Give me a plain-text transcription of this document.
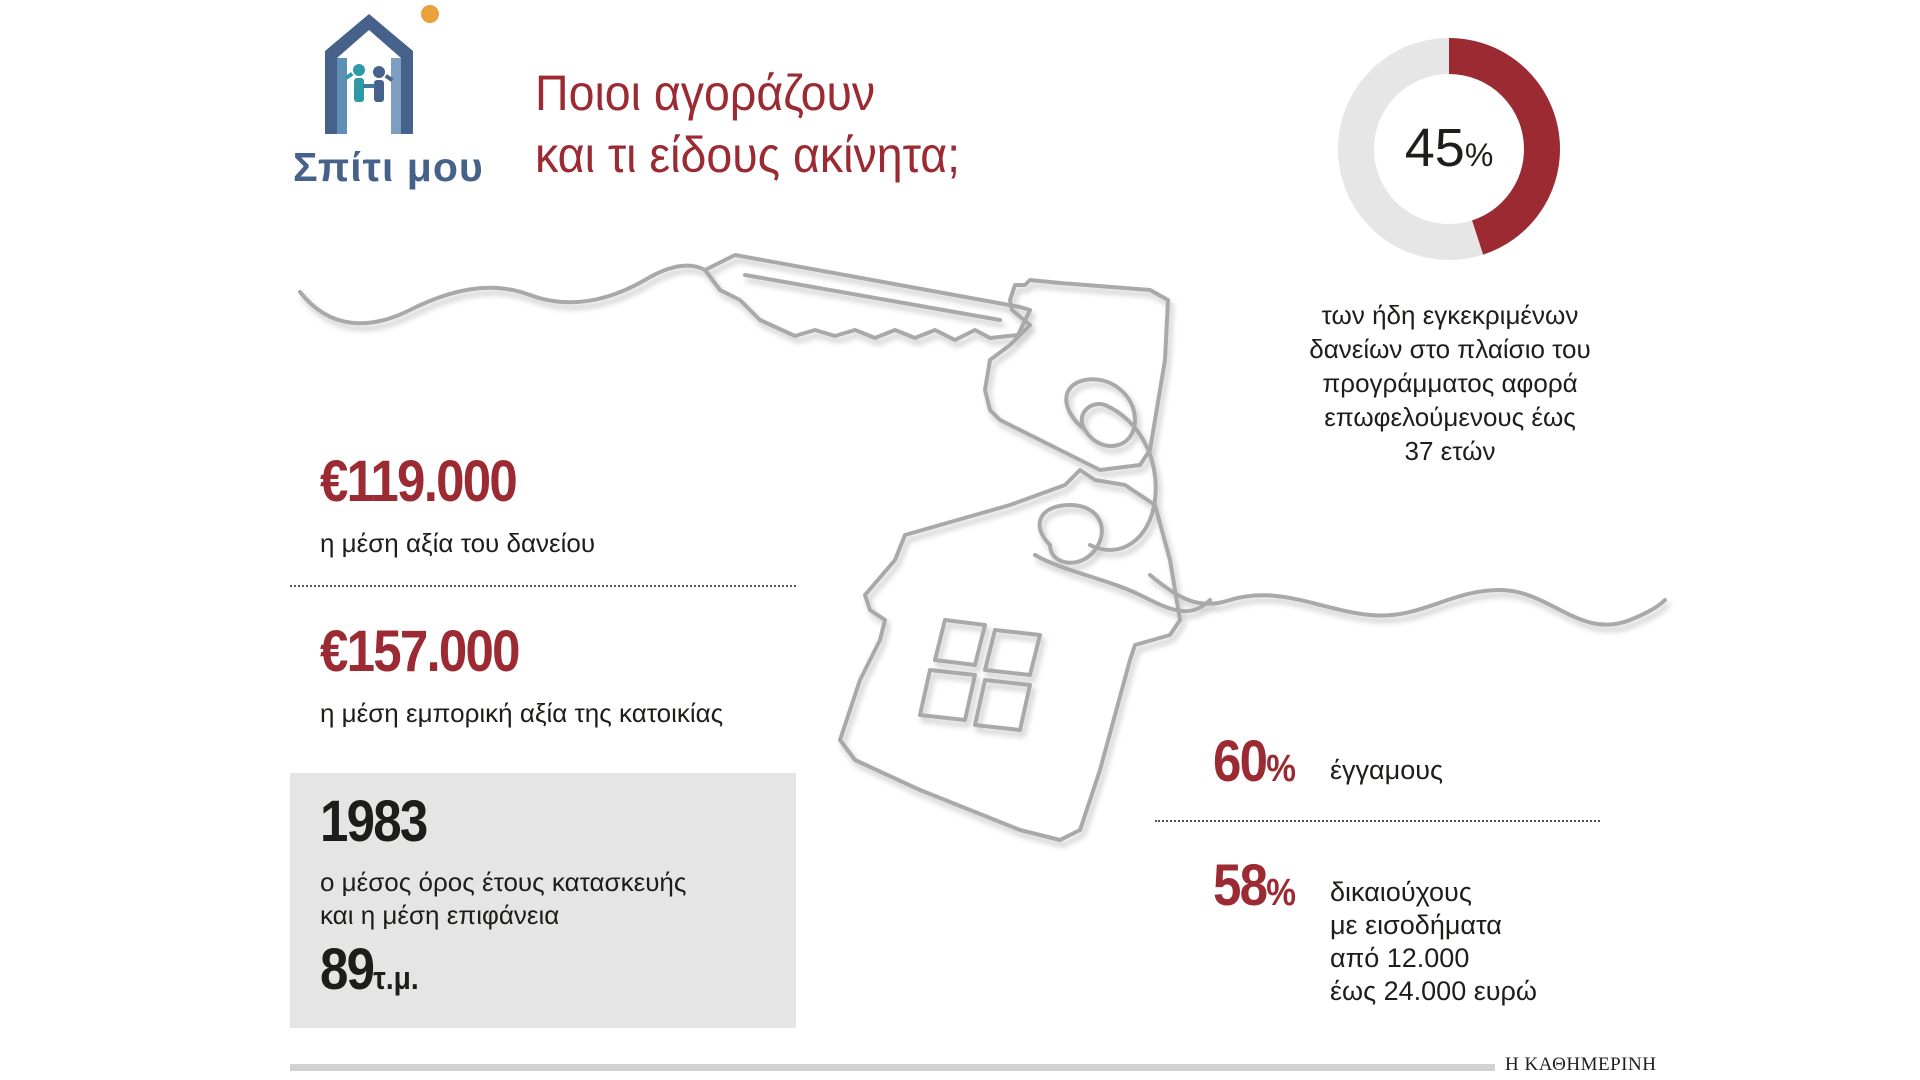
Σπίτι μου
Ποιοι αγοράζουν
και τι είδους ακίνητα;	45%
των ήδη εγκεκριμένων
δανείων στο πλαίσιο του
προγράμματος αφορά
επωφελούμενους έως
37 ετών
€119.000
η μέση αξία του δανείου
€157.000
η μέση εμπορική αξία της κατοικίας
1983
ο μέσος όρος έτους κατασκευής
και η μέση επιφάνεια
89τ.μ.
60% έγγαμους
58% δικαιούχους
με εισοδήματα
από 12.000
έως 24.000 ευρώ
Η ΚΑΘΗΜΕΡΙΝΗ
